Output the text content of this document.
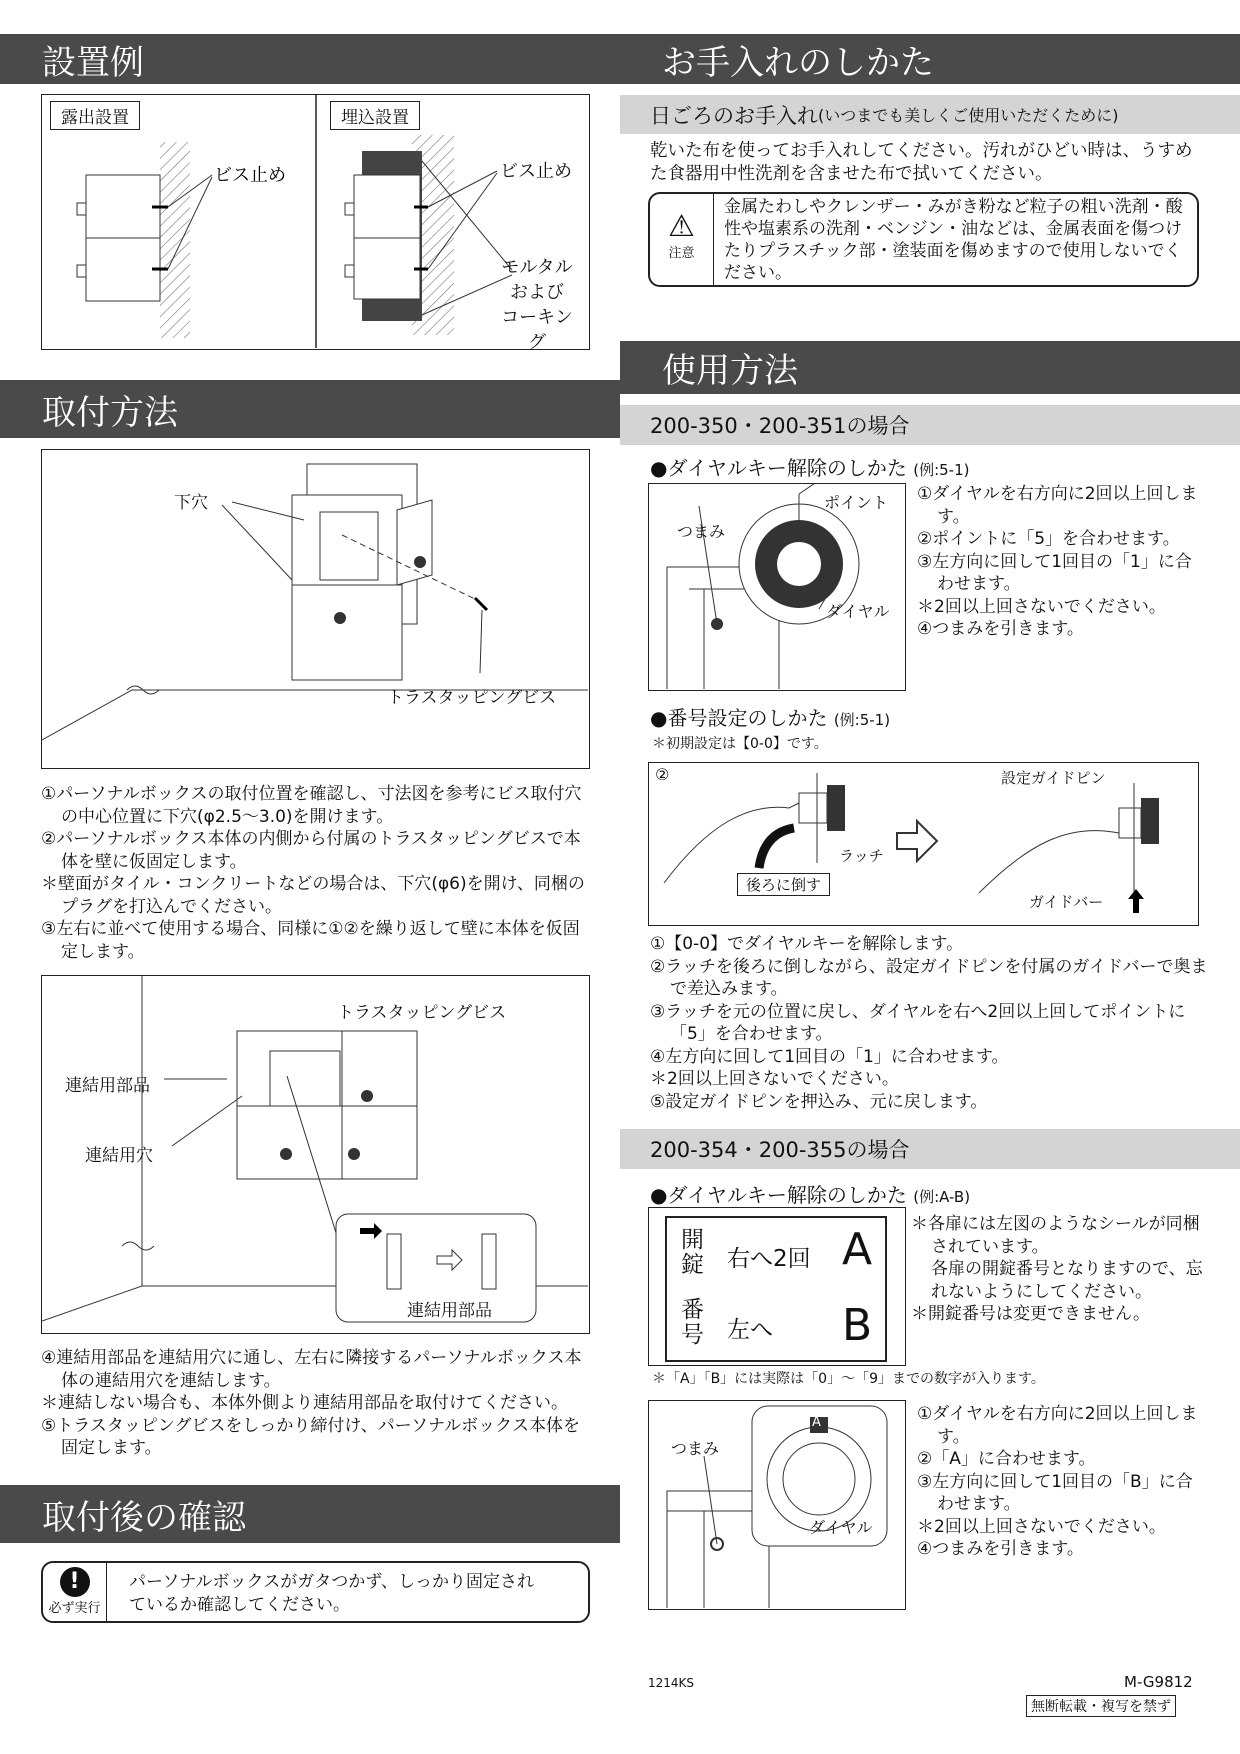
設置例
ビス止め
露出設置	埋込設置
ビス止め
モルタル
および
コーキング
取付方法
下穴
トラスタッピングビス
①パーソナルボックスの取付位置を確認し、寸法図を参考にビス取付穴の中心位置に下穴(φ2.5〜3.0)を開けます。
②パーソナルボックス本体の内側から付属のトラスタッピングビスで本体を壁に仮固定します。
＊壁面がタイル・コンクリートなどの場合は、下穴(φ6)を開け、同梱のプラグを打込んでください。
③左右に並べて使用する場合、同様に①②を繰り返して壁に本体を仮固定します。
トラスタッピングビス
連結用部品
連結用穴
連結用部品
④連結用部品を連結用穴に通し、左右に隣接するパーソナルボックス本体の連結用穴を連結します。
＊連結しない場合も、本体外側より連結用部品を取付けてください。
⑤トラスタッピングビスをしっかり締付け、パーソナルボックス本体を固定します。
取付後の確認
!
必ず実行
パーソナルボックスがガタつかず、しっかり固定されているか確認してください。
お手入れのしかた
日ごろのお手入れ (いつまでも美しくご使用いただくために)
乾いた布を使ってお手入れしてください。汚れがひどい時は、うすめた食器用中性洗剤を含ませた布で拭いてください。
⚠
注意
金属たわしやクレンザー・みがき粉など粒子の粗い洗剤・酸性や塩素系の洗剤・ベンジン・油などは、金属表面を傷つけたりプラスチック部・塗装面を傷めますので使用しないでください。
使用方法
200-350・200-351の場合
●ダイヤルキー解除のしかた (例:5-1)
ポイント
つまみ
ダイヤル
①ダイヤルを右方向に2回以上回します。
②ポイントに「5」を合わせます。
③左方向に回して1回目の「1」に合わせます。
＊2回以上回さないでください。
④つまみを引きます。
●番号設定のしかた (例:5-1)
＊初期設定は【0-0】です。
②
ラッチ
後ろに倒す
設定ガイドピン
ガイドバー
①【0-0】でダイヤルキーを解除します。
②ラッチを後ろに倒しながら、設定ガイドピンを付属のガイドバーで奥まで差込みます。
③ラッチを元の位置に戻し、ダイヤルを右へ2回以上回してポイントに「5」を合わせます。
④左方向に回して1回目の「1」に合わせます。
＊2回以上回さないでください。
⑤設定ガイドピンを押込み、元に戻します。
200-354・200-355の場合
●ダイヤルキー解除のしかた (例:A-B)
開錠 右へ2回 A
番号 左へ B
＊各扉には左図のようなシールが同梱されています。
各扉の開錠番号となりますので、忘れないようにしてください。
＊開錠番号は変更できません。
＊「A」「B」には実際は「0」〜「9」までの数字が入ります。
A
つまみ
ダイヤル
①ダイヤルを右方向に2回以上回します。
②「A」に合わせます。
③左方向に回して1回目の「B」に合わせます。
＊2回以上回さないでください。
④つまみを引きます。
1214KS	M-G9812
無断転載・複写を禁ず
